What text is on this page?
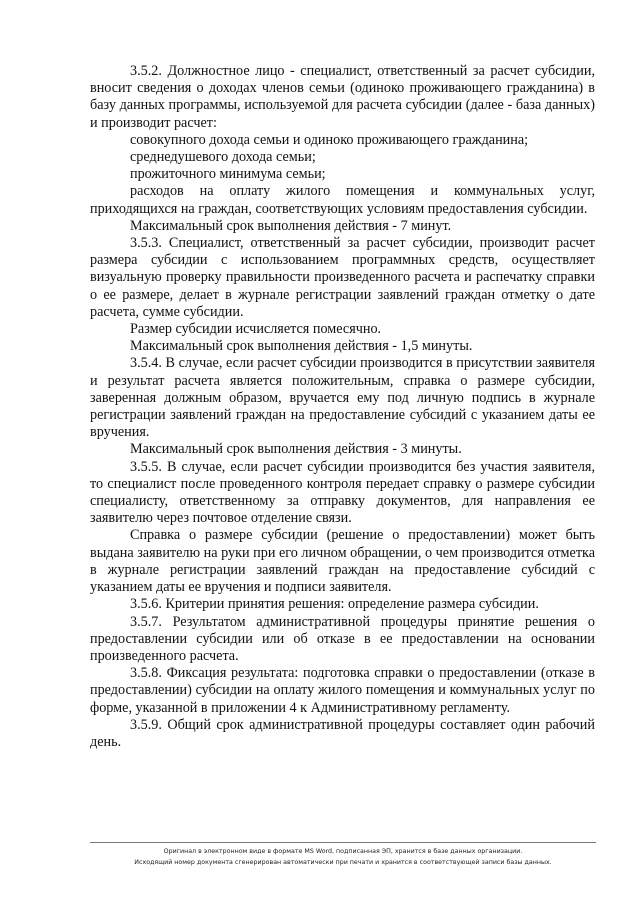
3.5.2. Должностное лицо - специалист, ответственный за расчет субсидии, вносит сведения о доходах членов семьи (одиноко проживающего гражданина) в базу данных программы, используемой для расчета субсидии (далее - база данных) и производит расчет:

совокупного дохода семьи и одиноко проживающего гражданина;

среднедушевого дохода семьи;

прожиточного минимума семьи;

расходов на оплату жилого помещения и коммунальных услуг, приходящихся на граждан, соответствующих условиям предоставления субсидии.

Максимальный срок выполнения действия - 7 минут.

3.5.3. Специалист, ответственный за расчет субсидии, производит расчет размера субсидии с использованием программных средств, осуществляет визуальную проверку правильности произведенного расчета и распечатку справки о ее размере, делает в журнале регистрации заявлений граждан отметку о дате расчета, сумме субсидии.

Размер субсидии исчисляется помесячно.

Максимальный срок выполнения действия - 1,5 минуты.

3.5.4. В случае, если расчет субсидии производится в присутствии заявителя и результат расчета является положительным, справка о размере субсидии, заверенная должным образом, вручается ему под личную подпись в журнале регистрации заявлений граждан на предоставление субсидий с указанием даты ее вручения.

Максимальный срок выполнения действия - 3 минуты.

3.5.5. В случае, если расчет субсидии производится без участия заявителя, то специалист после проведенного контроля передает справку о размере субсидии специалисту, ответственному за отправку документов, для направления ее заявителю через почтовое отделение связи.

Справка о размере субсидии (решение о предоставлении) может быть выдана заявителю на руки при его личном обращении, о чем производится отметка в журнале регистрации заявлений граждан на предоставление субсидий с указанием даты ее вручения и подписи заявителя.

3.5.6. Критерии принятия решения: определение размера субсидии.

3.5.7. Результатом административной процедуры принятие решения о предоставлении субсидии или об отказе в ее предоставлении на основании произведенного расчета.

3.5.8. Фиксация результата: подготовка справки о предоставлении (отказе в предоставлении) субсидии на оплату жилого помещения и коммунальных услуг по форме, указанной в приложении 4 к Административному регламенту.

3.5.9. Общий срок административной процедуры составляет один рабочий день.

Оригинал в электронном виде в формате MS Word, подписанная ЭП, хранится в базе данных организации.
Исходящий номер документа сгенерирован автоматически при печати и хранится в соответствующей записи базы данных.
